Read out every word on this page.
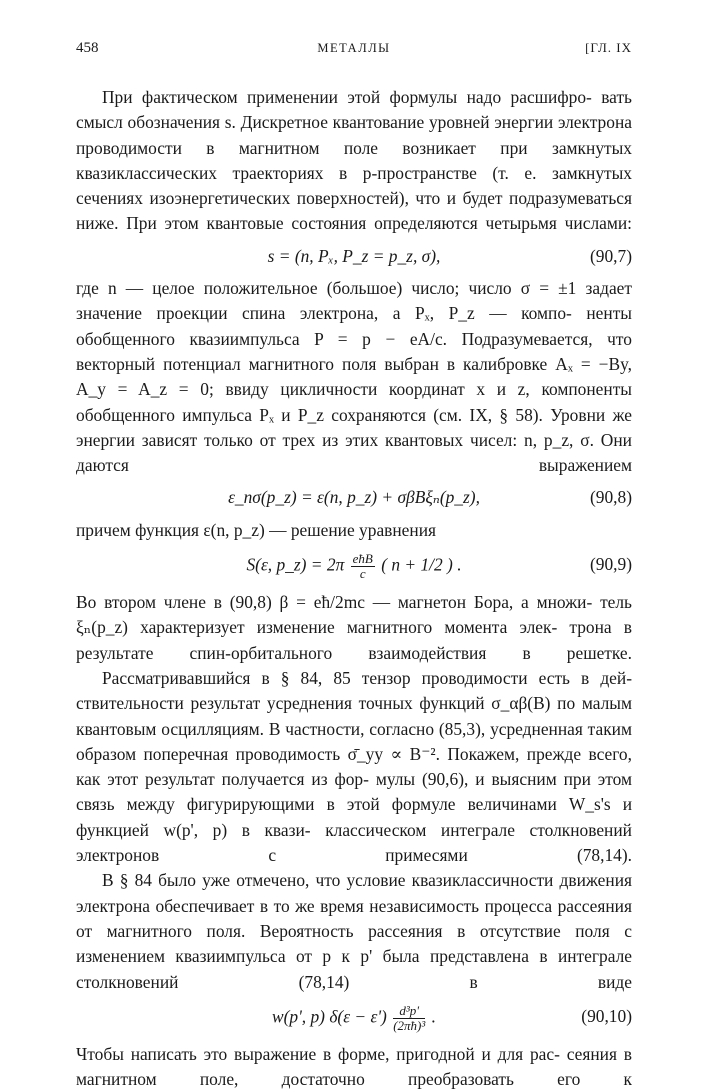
458	МЕТАЛЛЫ	[ГЛ. IX

При фактическом применении этой формулы надо расшифро- вать смысл обозначения s. Дискретное квантование уровней энергии электрона проводимости в магнитном поле возникает при замкнутых квазиклассических траекториях в p-пространстве (т. е. замкнутых сечениях изоэнергетических поверхностей), что и будет подразумеваться ниже. При этом квантовые состояния определяются четырьмя числами:

s = (n, Pₓ, P_z = p_z, σ),	(90,7)

где n — целое положительное (большое) число; число σ = ±1 задает значение проекции спина электрона, а Pₓ, P_z — компо- ненты обобщенного квазиимпульса P = p − eA/c. Подразумевается, что векторный потенциал магнитного поля выбран в калибровке Aₓ = −By, A_y = A_z = 0; ввиду цикличности координат x и z, компоненты обобщенного импульса Pₓ и P_z сохраняются (см. IX, § 58). Уровни же энергии зависят только от трех из этих квантовых чисел: n, p_z, σ. Они даются выражением

ε_nσ(p_z) = ε(n, p_z) + σβBξₙ(p_z),	(90,8)

причем функция ε(n, p_z) — решение уравнения

S(ε, p_z) = $2\pi \frac{\text{eħB}}{c}$ ( n + 1/2 ) .	(90,9)

Во втором члене в (90,8) β = eħ/2mc — магнетон Бора, а множи- тель ξₙ(p_z) характеризует изменение магнитного момента элек- трона в результате спин-орбитального взаимодействия в решетке.

Рассматривавшийся в § 84, 85 тензор проводимости есть в дей- ствительности результат усреднения точных функций σ_αβ(B) по малым квантовым осцилляциям. В частности, согласно (85,3), усредненная таким образом поперечная проводимость σ̄_yy ∝ B⁻². Покажем, прежде всего, как этот результат получается из фор- мулы (90,6), и выясним при этом связь между фигурирующими в этой формуле величинами W_s's и функцией w(p', p) в квази- классическом интеграле столкновений электронов с примесями	(78,14).

В § 84 было уже отмечено, что условие квазиклассичности движения электрона обеспечивает в то же время независимость процесса рассеяния от магнитного поля. Вероятность рассеяния в отсутствие поля с изменением квазиимпульса от p к p' была представлена в интеграле столкновений (78,14) в виде

w(p', p) $\delta(\varepsilon - \varepsilon') \frac{\text{d³p'}}{\text{(2πħ)³}}$ .	(90,10)

Чтобы написать это выражение в форме, пригодной и для рас- сеяния в магнитном поле, достаточно преобразовать его к
